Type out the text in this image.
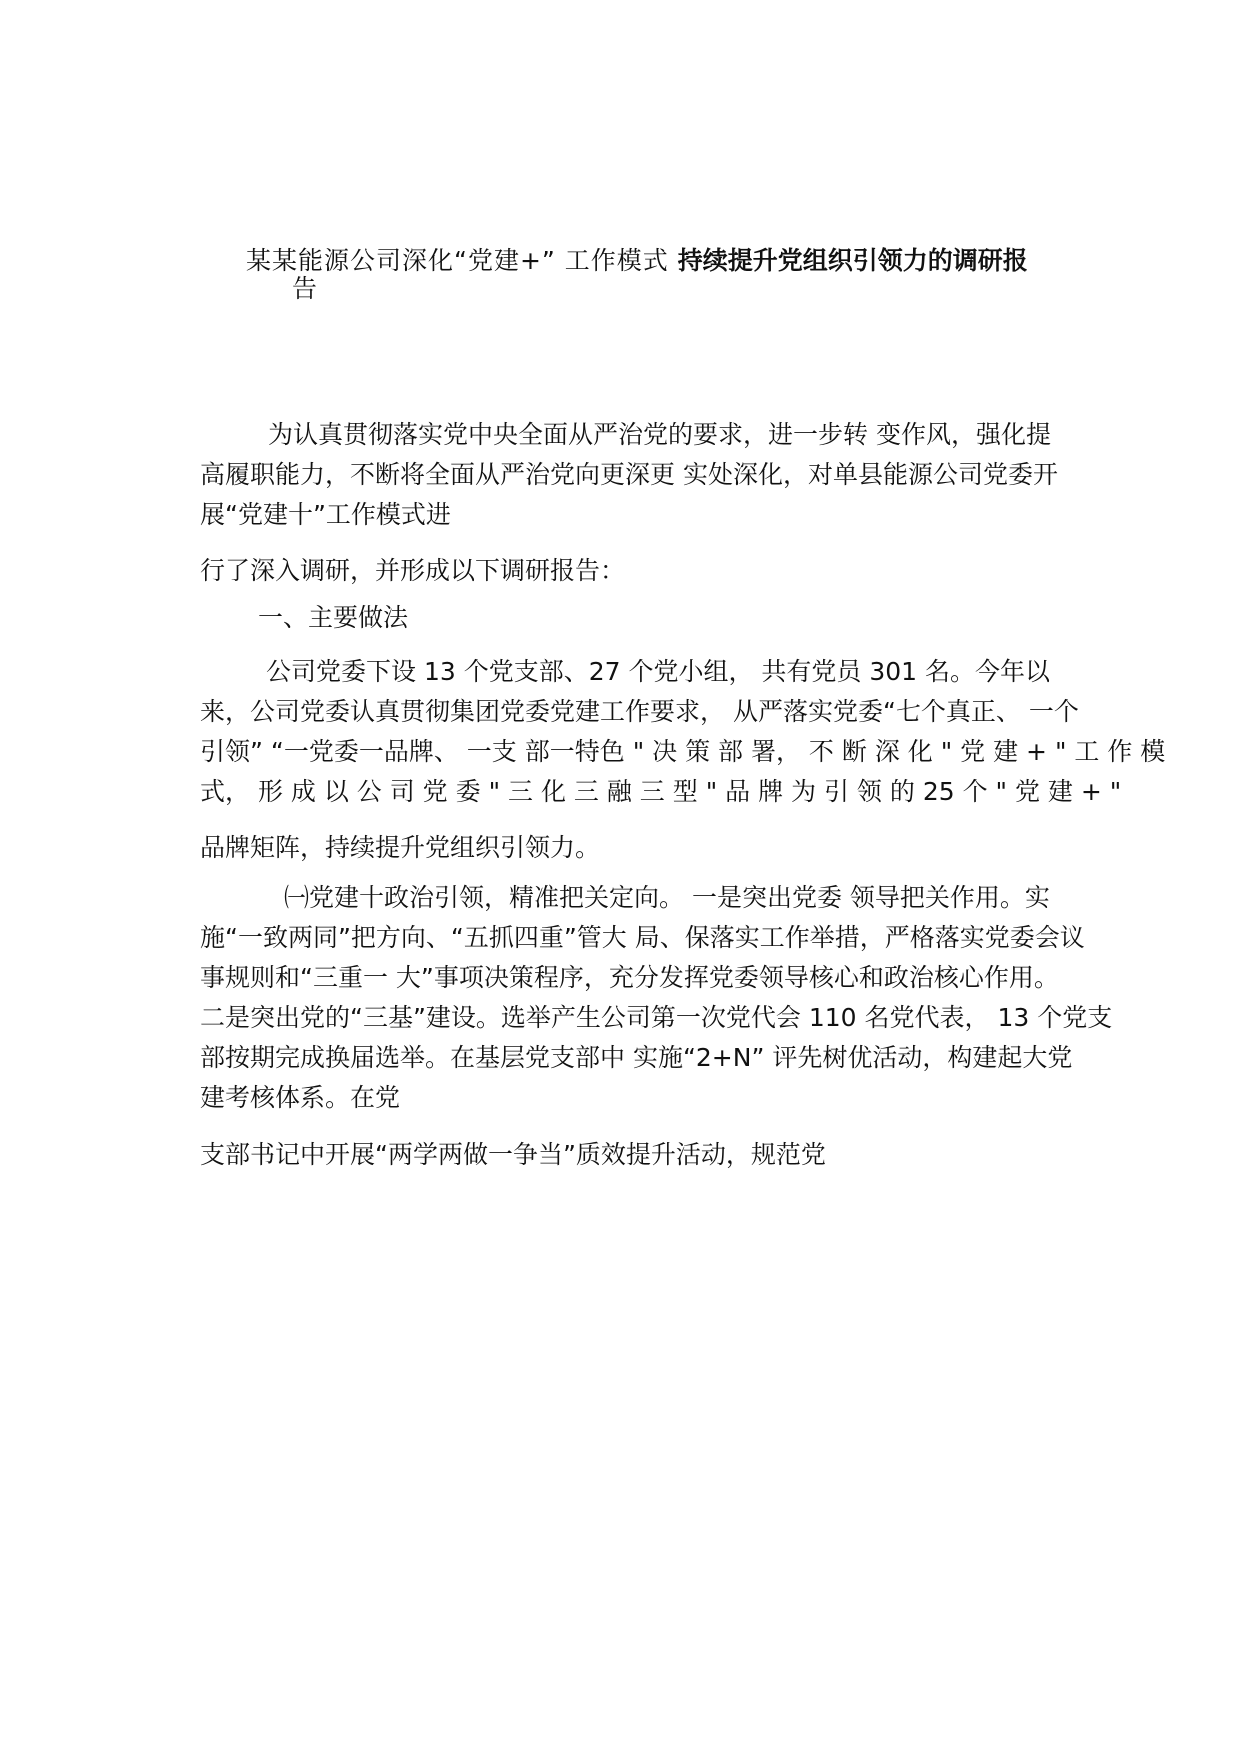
某某能源公司深化“党建+” 工作模式 持续提升党组织引领力的调研报
告
为认真贯彻落实党中央全面从严治党的要求，进一步转 变作风，强化提
高履职能力，不断将全面从严治党向更深更 实处深化，对单县能源公司党委开
展“党建十”工作模式进
行了深入调研，并形成以下调研报告：
一、主要做法
公司党委下设 13 个党支部、27 个党小组， 共有党员 301 名。今年以
来，公司党委认真贯彻集团党委党建工作要求， 从严落实党委“七个真正、 一个
引领” “一党委一品牌、 一支 部一特色 " 决 策 部 署， 不 断 深 化 " 党 建 + " 工 作 模
式， 形 成 以 公 司 党 委 " 三 化 三 融 三 型 " 品 牌 为 引 领 的 25 个 " 党 建 + "
品牌矩阵，持续提升党组织引领力。
㈠党建十政治引领，精准把关定向。 一是突出党委 领导把关作用。实
施“一致两同”把方向、“五抓四重”管大 局、保落实工作举措，严格落实党委会议
事规则和“三重一 大”事项决策程序，充分发挥党委领导核心和政治核心作用。
二是突出党的“三基”建设。选举产生公司第一次党代会 110 名党代表， 13 个党支
部按期完成换届选举。在基层党支部中 实施“2+N” 评先树优活动，构建起大党
建考核体系。在党
支部书记中开展“两学两做一争当”质效提升活动，规范党
